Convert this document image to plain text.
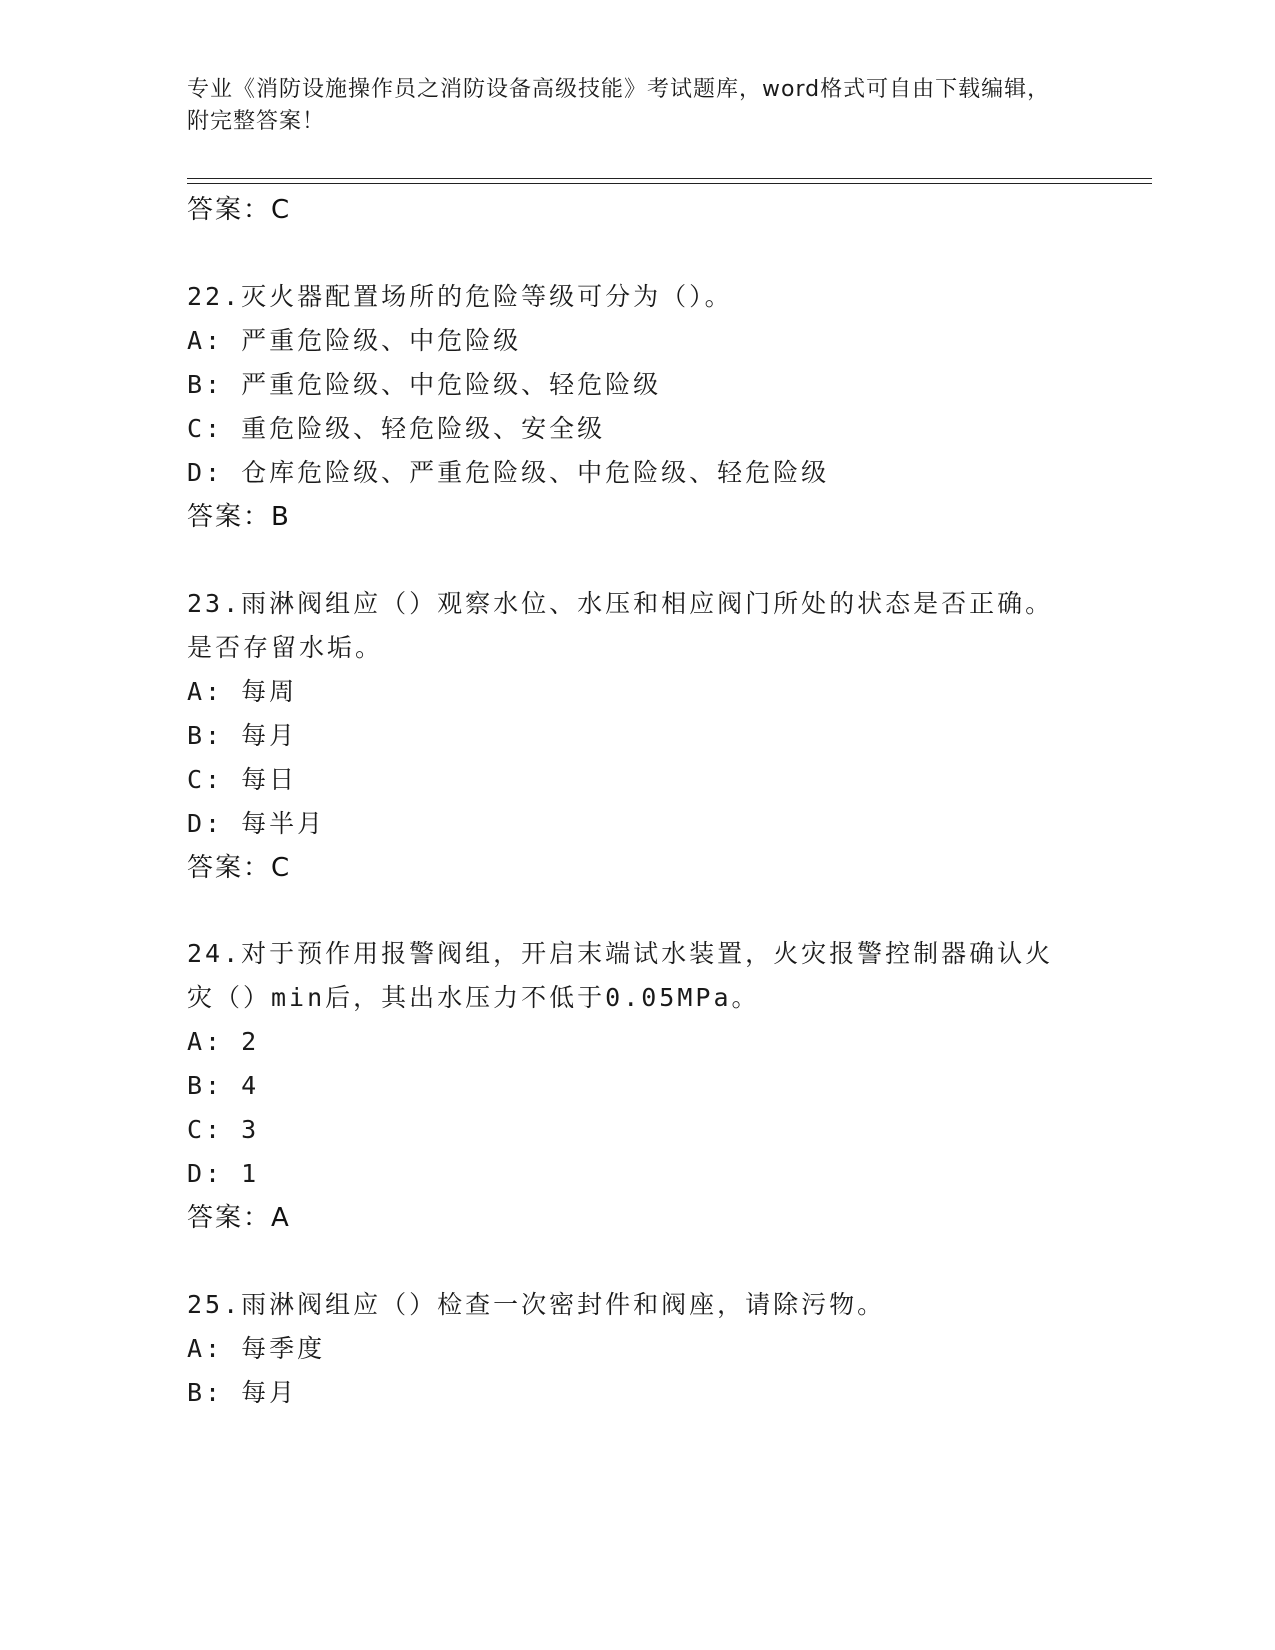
专业《消防设施操作员之消防设备高级技能》考试题库，word格式可自由下载编辑，附完整答案！
答案：C
22.灭火器配置场所的危险等级可分为（）。
A: 严重危险级、中危险级
B: 严重危险级、中危险级、轻危险级
C: 重危险级、轻危险级、安全级
D: 仓库危险级、严重危险级、中危险级、轻危险级
答案：B
23.雨淋阀组应（）观察水位、水压和相应阀门所处的状态是否正确。
是否存留水垢。
A: 每周
B: 每月
C: 每日
D: 每半月
答案：C
24.对于预作用报警阀组，开启末端试水装置，火灾报警控制器确认火
灾（）min后，其出水压力不低于0.05MPa。
A: 2
B: 4
C: 3
D: 1
答案：A
25.雨淋阀组应（）检查一次密封件和阀座，请除污物。
A: 每季度
B: 每月
